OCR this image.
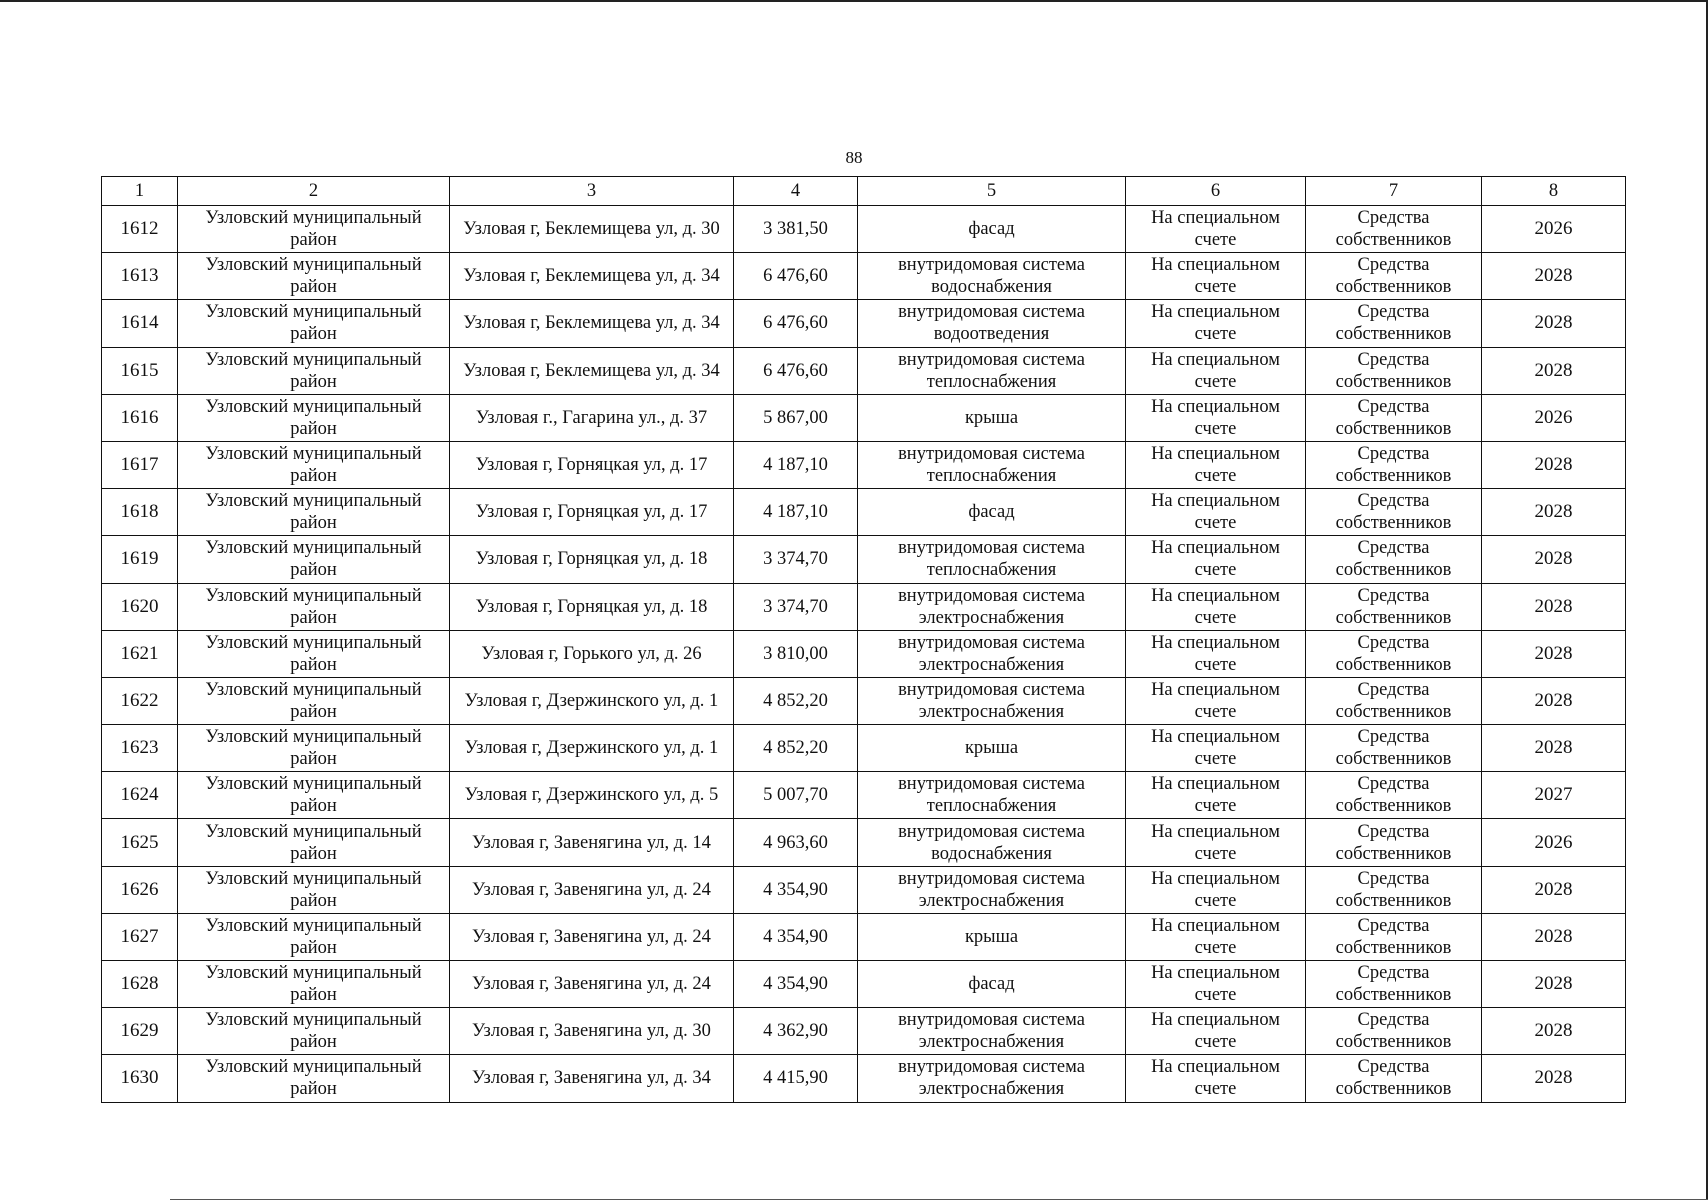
88
1	2	3	4	5	6	7	8
1612	Узловский муниципальный район	Узловая г, Беклемищева ул, д. 30	3 381,50	фасад	На специальном счете	Средства собственников	2026
1613	Узловский муниципальный район	Узловая г, Беклемищева ул, д. 34	6 476,60	внутридомовая система водоснабжения	На специальном счете	Средства собственников	2028
1614	Узловский муниципальный район	Узловая г, Беклемищева ул, д. 34	6 476,60	внутридомовая система водоотведения	На специальном счете	Средства собственников	2028
1615	Узловский муниципальный район	Узловая г, Беклемищева ул, д. 34	6 476,60	внутридомовая система теплоснабжения	На специальном счете	Средства собственников	2028
1616	Узловский муниципальный район	Узловая г., Гагарина ул., д. 37	5 867,00	крыша	На специальном счете	Средства собственников	2026
1617	Узловский муниципальный район	Узловая г, Горняцкая ул, д. 17	4 187,10	внутридомовая система теплоснабжения	На специальном счете	Средства собственников	2028
1618	Узловский муниципальный район	Узловая г, Горняцкая ул, д. 17	4 187,10	фасад	На специальном счете	Средства собственников	2028
1619	Узловский муниципальный район	Узловая г, Горняцкая ул, д. 18	3 374,70	внутридомовая система теплоснабжения	На специальном счете	Средства собственников	2028
1620	Узловский муниципальный район	Узловая г, Горняцкая ул, д. 18	3 374,70	внутридомовая система электроснабжения	На специальном счете	Средства собственников	2028
1621	Узловский муниципальный район	Узловая г, Горького ул, д. 26	3 810,00	внутридомовая система электроснабжения	На специальном счете	Средства собственников	2028
1622	Узловский муниципальный район	Узловая г, Дзержинского ул, д. 1	4 852,20	внутридомовая система электроснабжения	На специальном счете	Средства собственников	2028
1623	Узловский муниципальный район	Узловая г, Дзержинского ул, д. 1	4 852,20	крыша	На специальном счете	Средства собственников	2028
1624	Узловский муниципальный район	Узловая г, Дзержинского ул, д. 5	5 007,70	внутридомовая система теплоснабжения	На специальном счете	Средства собственников	2027
1625	Узловский муниципальный район	Узловая г, Завенягина ул, д. 14	4 963,60	внутридомовая система водоснабжения	На специальном счете	Средства собственников	2026
1626	Узловский муниципальный район	Узловая г, Завенягина ул, д. 24	4 354,90	внутридомовая система электроснабжения	На специальном счете	Средства собственников	2028
1627	Узловский муниципальный район	Узловая г, Завенягина ул, д. 24	4 354,90	крыша	На специальном счете	Средства собственников	2028
1628	Узловский муниципальный район	Узловая г, Завенягина ул, д. 24	4 354,90	фасад	На специальном счете	Средства собственников	2028
1629	Узловский муниципальный район	Узловая г, Завенягина ул, д. 30	4 362,90	внутридомовая система электроснабжения	На специальном счете	Средства собственников	2028
1630	Узловский муниципальный район	Узловая г, Завенягина ул, д. 34	4 415,90	внутридомовая система электроснабжения	На специальном счете	Средства собственников	2028
